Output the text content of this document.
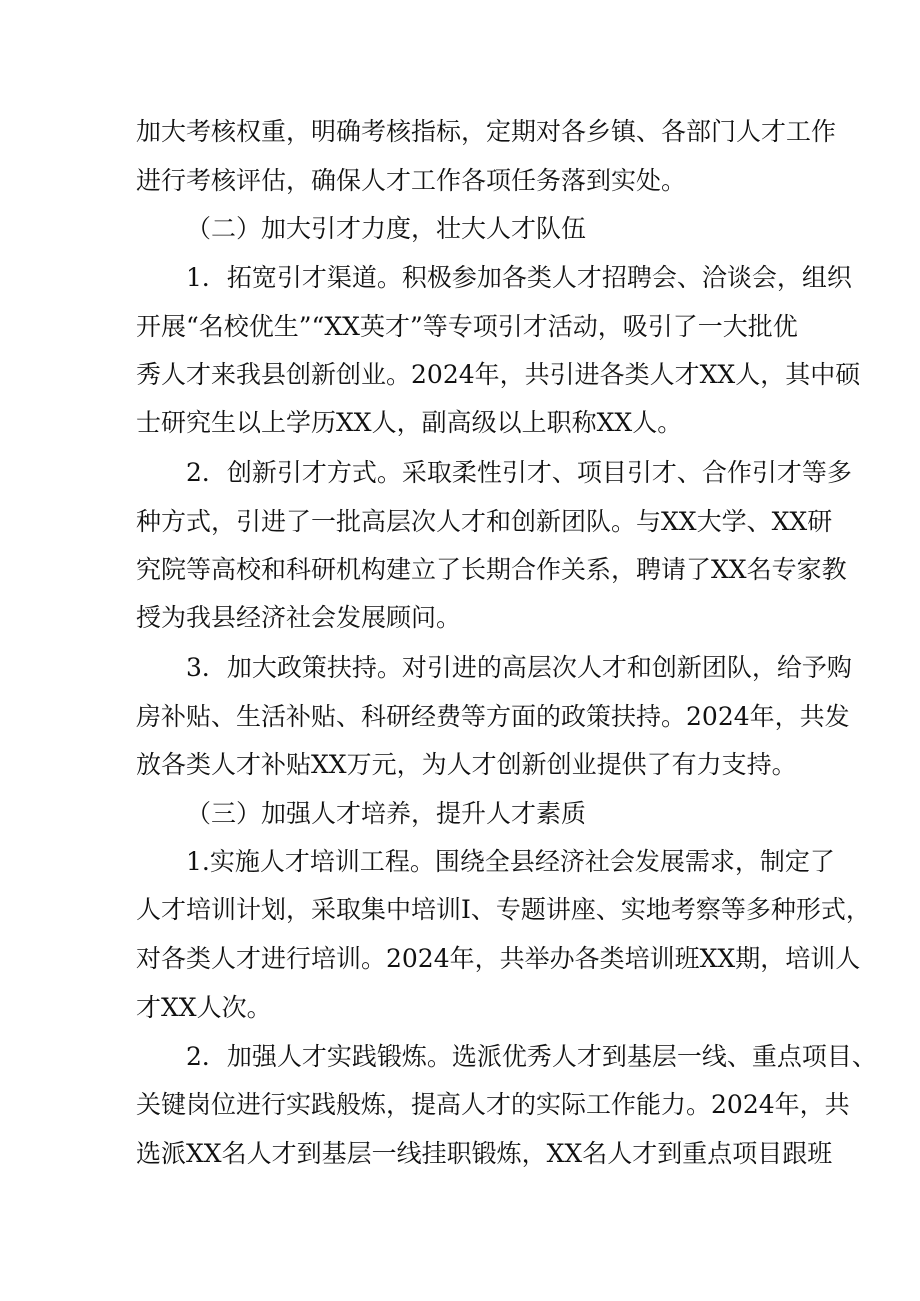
加大考核权重，明确考核指标，定期对各乡镇、各部门人才工作
进行考核评估，确保人才工作各项任务落到实处。
（二）加大引才力度，壮大人才队伍
1．拓宽引才渠道。积极参加各类人才招聘会、洽谈会，组织
开展“名校优生”“XX英才”等专项引才活动，吸引了一大批优
秀人才来我县创新创业。2024年，共引进各类人才XX人，其中硕
士研究生以上学历XX人，副高级以上职称XX人。
2．创新引才方式。采取柔性引才、项目引才、合作引才等多
种方式，引进了一批高层次人才和创新团队。与XX大学、XX研
究院等高校和科研机构建立了长期合作关系，聘请了XX名专家教
授为我县经济社会发展顾问。
3．加大政策扶持。对引进的高层次人才和创新团队，给予购
房补贴、生活补贴、科研经费等方面的政策扶持。2024年，共发
放各类人才补贴XX万元，为人才创新创业提供了有力支持。
（三）加强人才培养，提升人才素质
1.实施人才培训工程。围绕全县经济社会发展需求，制定了
人才培训计划，采取集中培训I、专题讲座、实地考察等多种形式，
对各类人才进行培训。2024年，共举办各类培训班XX期，培训人
才XX人次。
2．加强人才实践锻炼。选派优秀人才到基层一线、重点项目、
关键岗位进行实践般炼，提高人才的实际工作能力。2024年，共
选派XX名人才到基层一线挂职锻炼，XX名人才到重点项目跟班
